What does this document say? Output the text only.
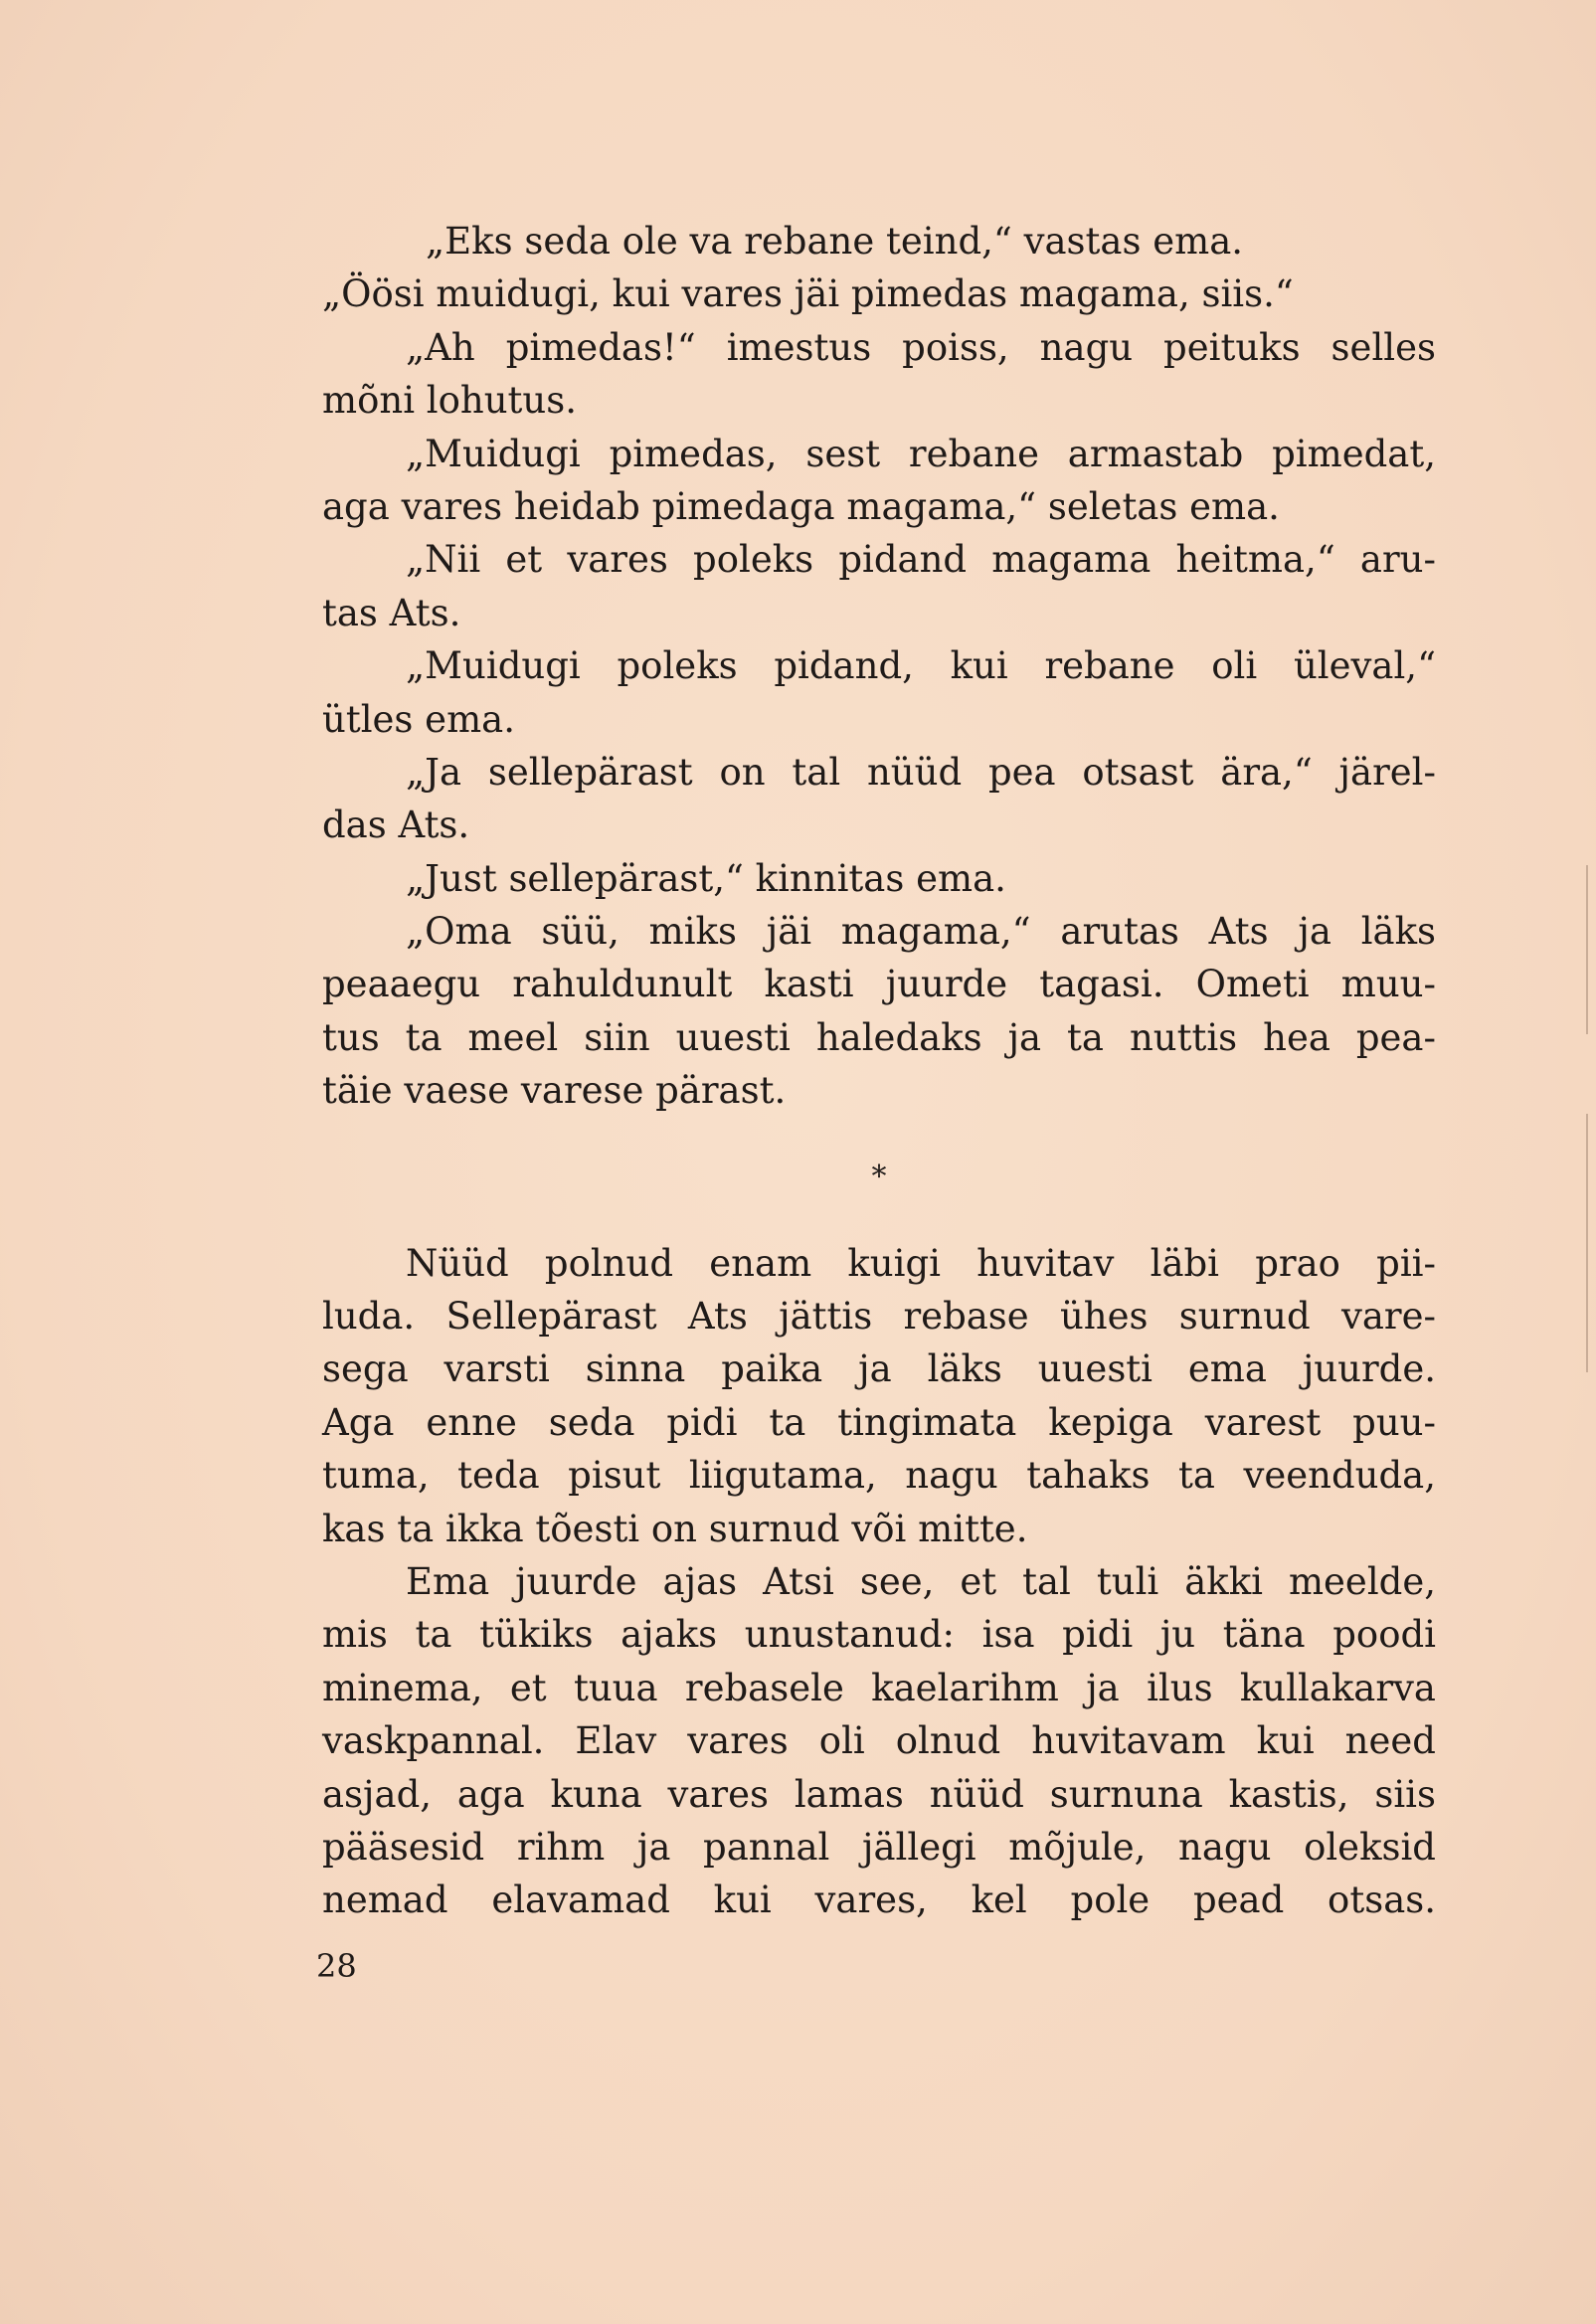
„Eks seda ole va rebane teind,“ vastas ema.
„Öösi muidugi, kui vares jäi pimedas magama, siis.“
„Ah pimedas!“ imestus poiss, nagu peituks selles
mõni lohutus.
„Muidugi pimedas, sest rebane armastab pimedat,
aga vares heidab pimedaga magama,“ seletas ema.
„Nii et vares poleks pidand magama heitma,“ aru-
tas Ats.
„Muidugi poleks pidand, kui rebane oli üleval,“
ütles ema.
„Ja sellepärast on tal nüüd pea otsast ära,“ järel-
das Ats.
„Just sellepärast,“ kinnitas ema.
„Oma süü, miks jäi magama,“ arutas Ats ja läks
peaaegu rahuldunult kasti juurde tagasi. Ometi muu-
tus ta meel siin uuesti haledaks ja ta nuttis hea pea-
täie vaese varese pärast.
*
Nüüd polnud enam kuigi huvitav läbi prao pii-
luda. Sellepärast Ats jättis rebase ühes surnud vare-
sega varsti sinna paika ja läks uuesti ema juurde.
Aga enne seda pidi ta tingimata kepiga varest puu-
tuma, teda pisut liigutama, nagu tahaks ta veenduda,
kas ta ikka tõesti on surnud või mitte.
Ema juurde ajas Atsi see, et tal tuli äkki meelde,
mis ta tükiks ajaks unustanud: isa pidi ju täna poodi
minema, et tuua rebasele kaelarihm ja ilus kullakarva
vaskpannal. Elav vares oli olnud huvitavam kui need
asjad, aga kuna vares lamas nüüd surnuna kastis, siis
pääsesid rihm ja pannal jällegi mõjule, nagu oleksid
nemad elavamad kui vares, kel pole pead otsas.
28
